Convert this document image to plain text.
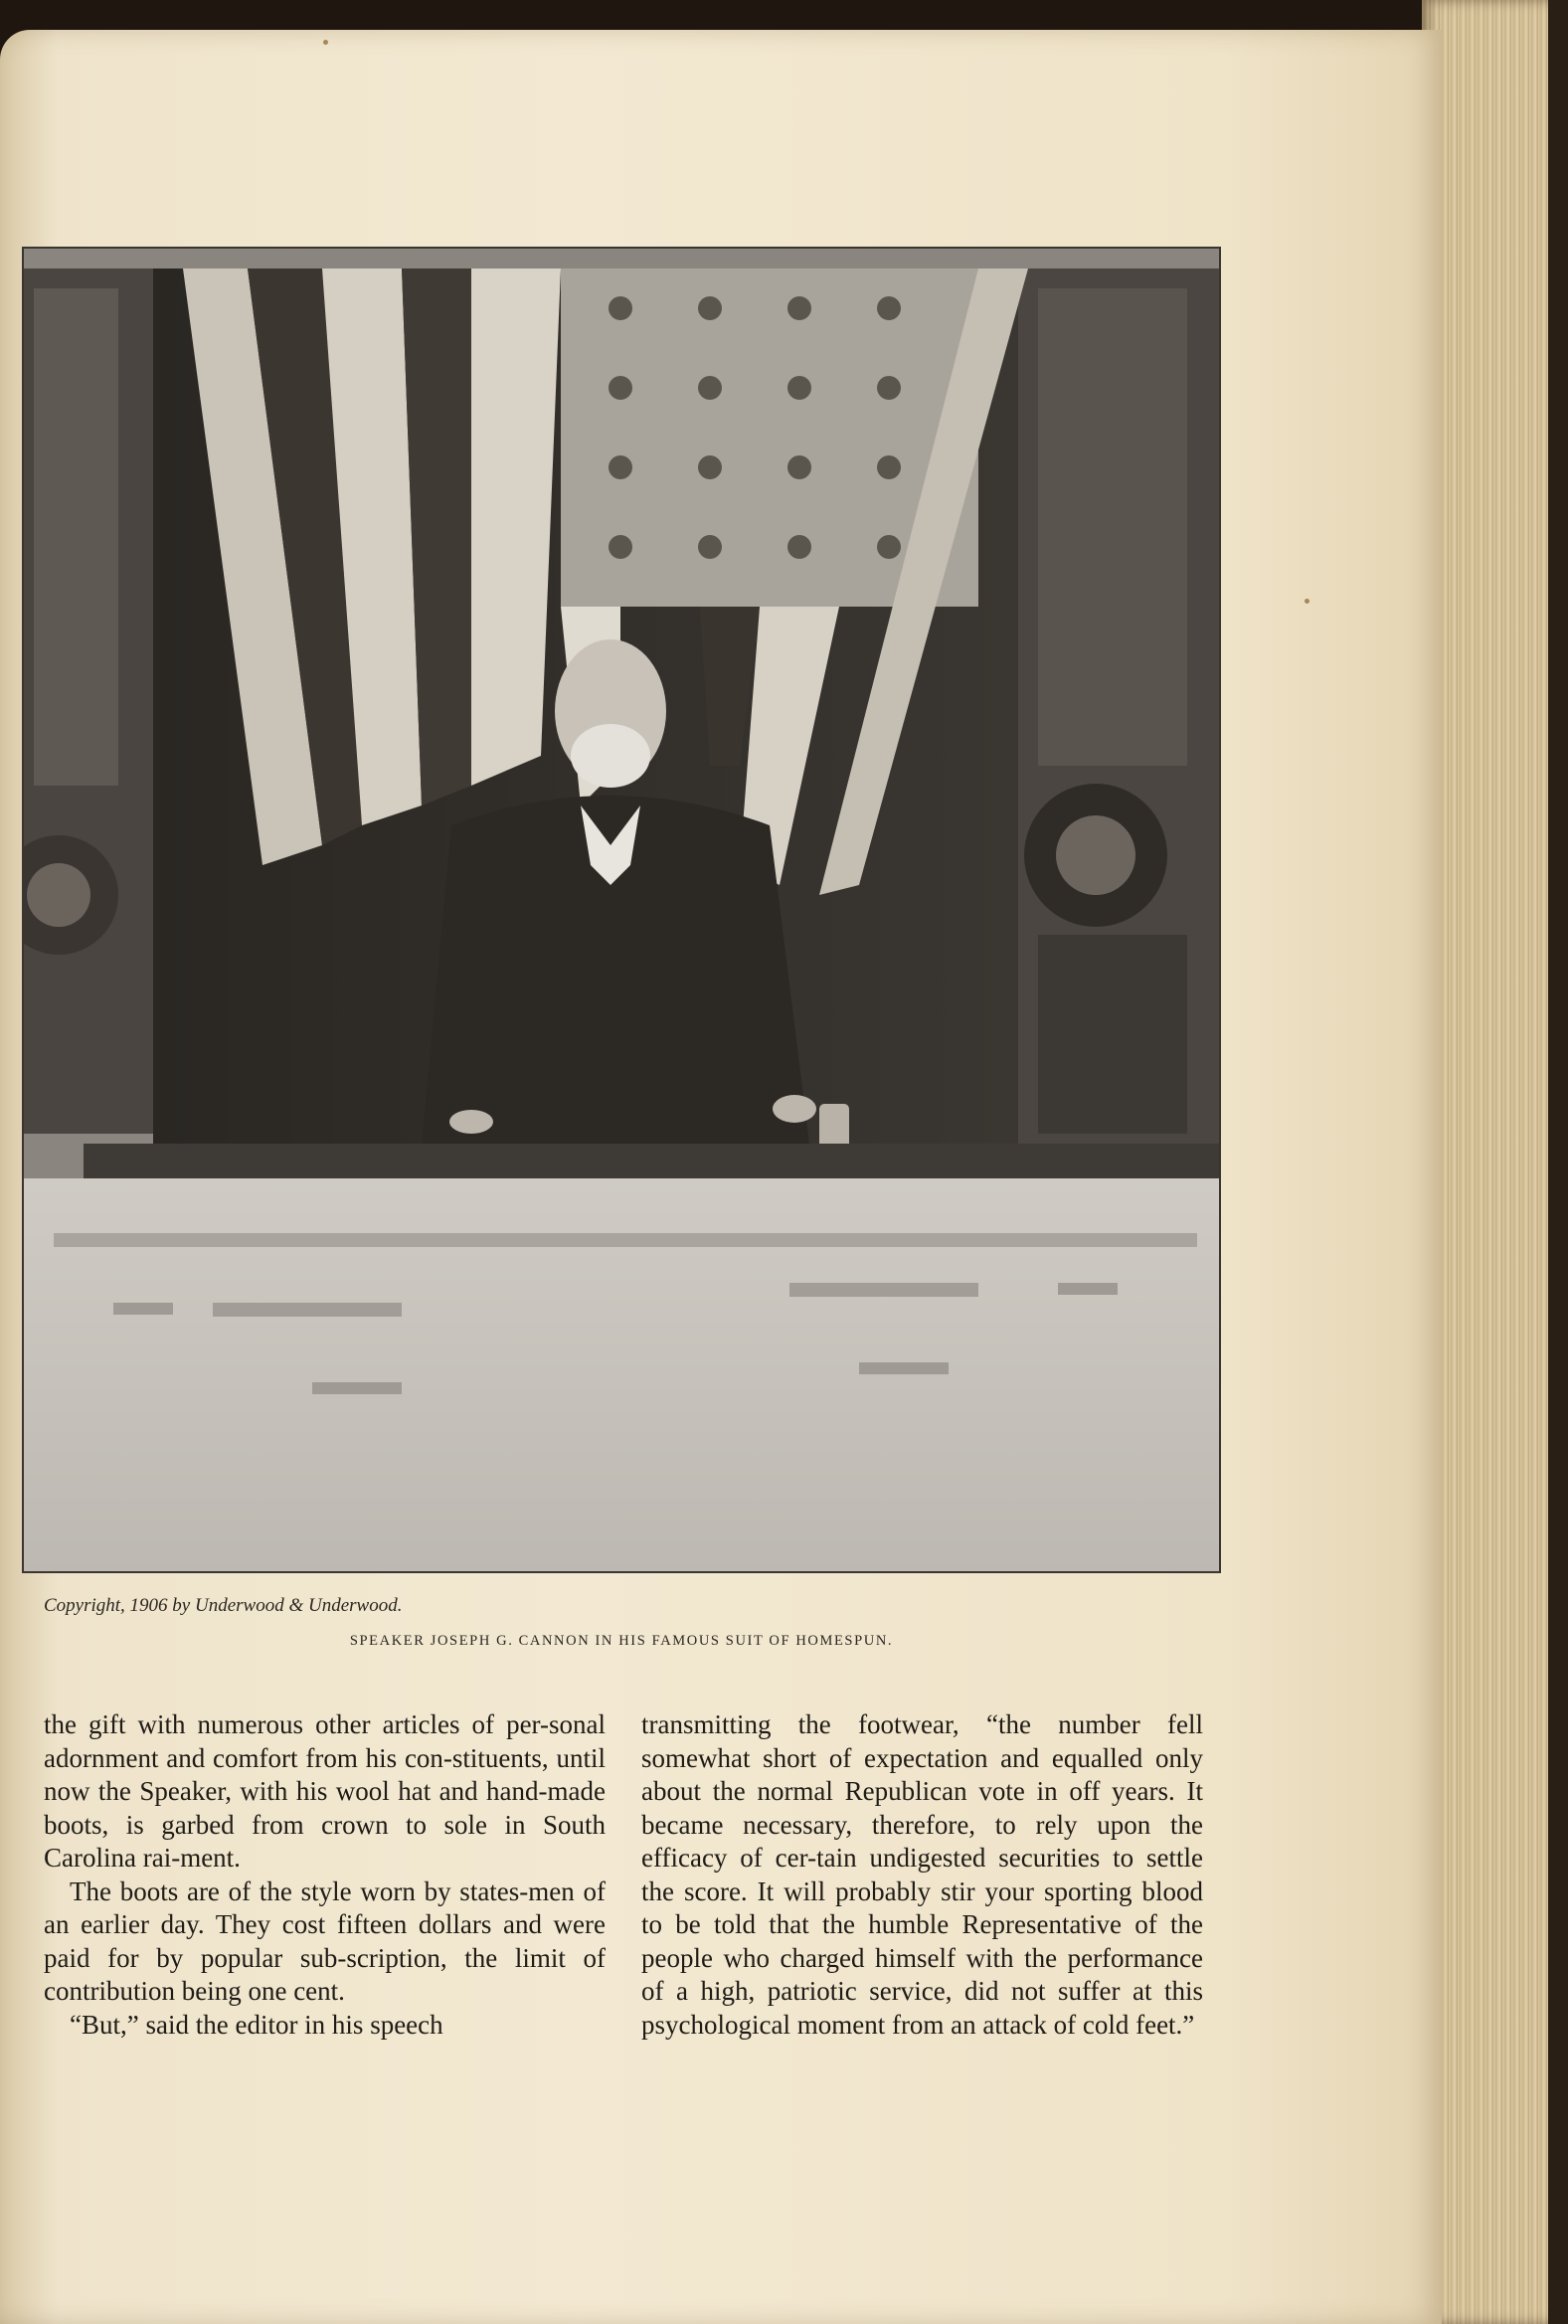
Copyright, 1906 by Underwood & Underwood.
SPEAKER JOSEPH G. CANNON IN HIS FAMOUS SUIT OF HOMESPUN.

the gift with numerous other articles of per-sonal adornment and comfort from his con-stituents, until now the Speaker, with his wool hat and hand-made boots, is garbed from crown to sole in South Carolina rai-ment.

The boots are of the style worn by states-men of an earlier day. They cost fifteen dollars and were paid for by popular sub-scription, the limit of contribution being one cent.

“But,” said the editor in his speech

transmitting the footwear, “the number fell somewhat short of expectation and equalled only about the normal Republican vote in off years. It became necessary, therefore, to rely upon the efficacy of cer-tain undigested securities to settle the score. It will probably stir your sporting blood to be told that the humble Representative of the people who charged himself with the performance of a high, patriotic service, did not suffer at this psychological moment from an attack of cold feet.”
